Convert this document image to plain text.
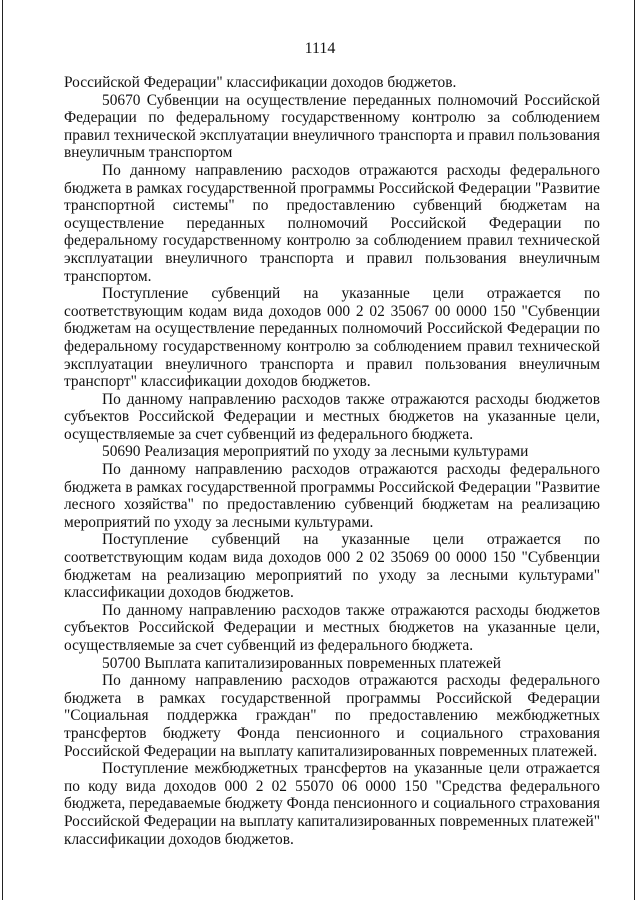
1114

Российской Федерации" классификации доходов бюджетов.

50670 Субвенции на осуществление переданных полномочий Российской Федерации по федеральному государственному контролю за соблюдением правил технической эксплуатации внеуличного транспорта и правил пользования внеуличным транспортом

По данному направлению расходов отражаются расходы федерального бюджета в рамках государственной программы Российской Федерации "Развитие транспортной системы" по предоставлению субвенций бюджетам на осуществление переданных полномочий Российской Федерации по федеральному государственному контролю за соблюдением правил технической эксплуатации внеуличного транспорта и правил пользования внеуличным транспортом.

Поступление субвенций на указанные цели отражается по соответствующим кодам вида доходов 000 2 02 35067 00 0000 150 "Субвенции бюджетам на осуществление переданных полномочий Российской Федерации по федеральному государственному контролю за соблюдением правил технической эксплуатации внеуличного транспорта и правил пользования внеуличным транспорт" классификации доходов бюджетов.

По данному направлению расходов также отражаются расходы бюджетов субъектов Российской Федерации и местных бюджетов на указанные цели, осуществляемые за счет субвенций из федерального бюджета.

50690 Реализация мероприятий по уходу за лесными культурами

По данному направлению расходов отражаются расходы федерального бюджета в рамках государственной программы Российской Федерации "Развитие лесного хозяйства" по предоставлению субвенций бюджетам на реализацию мероприятий по уходу за лесными культурами.

Поступление субвенций на указанные цели отражается по соответствующим кодам вида доходов 000 2 02 35069 00 0000 150 "Субвенции бюджетам на реализацию мероприятий по уходу за лесными культурами" классификации доходов бюджетов.

По данному направлению расходов также отражаются расходы бюджетов субъектов Российской Федерации и местных бюджетов на указанные цели, осуществляемые за счет субвенций из федерального бюджета.

50700 Выплата капитализированных повременных платежей

По данному направлению расходов отражаются расходы федерального бюджета в рамках государственной программы Российской Федерации "Социальная поддержка граждан" по предоставлению межбюджетных трансфертов бюджету Фонда пенсионного и социального страхования Российской Федерации на выплату капитализированных повременных платежей.

Поступление межбюджетных трансфертов на указанные цели отражается по коду вида доходов 000 2 02 55070 06 0000 150 "Средства федерального бюджета, передаваемые бюджету Фонда пенсионного и социального страхования Российской Федерации на выплату капитализированных повременных платежей" классификации доходов бюджетов.
